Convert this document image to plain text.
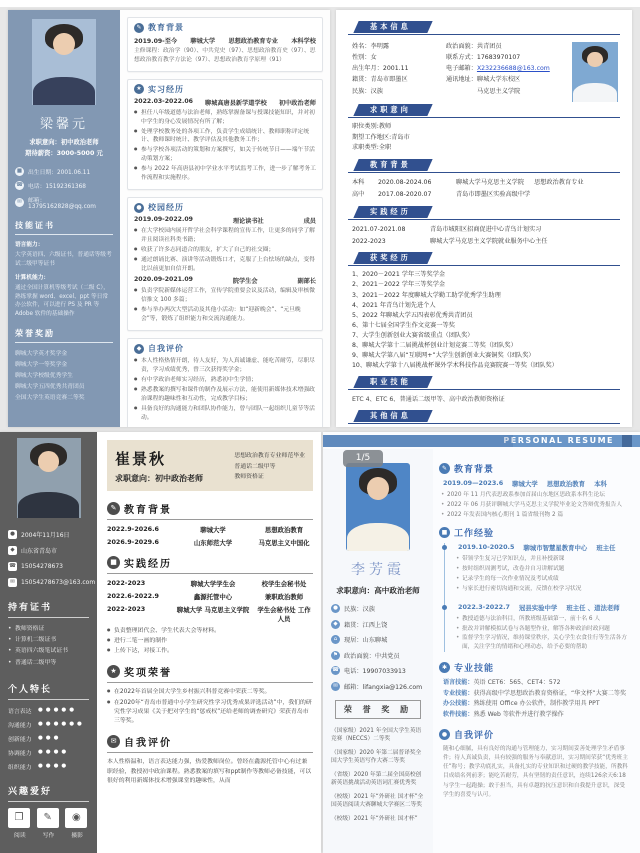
梁馨元
求职意向：初中政治老师
期待薪资：3000-5000 元
■	出生日期：2001.06.11
☎ 电话：15192361368
✉	邮箱：13795162828@qq.com
技能证书
语言能力：
大学英语四、六级证书，普通话等级考试二级甲等证书
计算机能力：
通过全国计算机等级考试（二级 C），熟练掌握 word、excel、ppt 等日常办公软件，可以进行 PS 及 PR 等 Adobe 软件的基础操作
荣誉奖励
聊城大学英才奖学金
聊城大学一等奖学金
聊城大学校级优秀学生
聊城大学五四优秀共青团员
全国大学生英语竞赛二等奖
✎ 教育背景
2019.09-至今 聊城大学 思想政治教育专业 本科学校
主修课程：政治学（90）、中共党史（97）、思想政治教育史（97）、思想政治教育教学方法论（97）、思想政治教育学原理（91）
★ 实习经历
2022.03-2022.06 聊城高唐县新学道学校 初中政治老师
● 担任八年级道德与法治老师，熟练掌握备课与授课技能知识，并对初中学生的身心发展情况有所了解；
● 处理学校教务处的各项工作，负责学生成绩统计、教师职称评定统计、教师课时统计、教学评估及其他教务工作；
● 参与学校各项活动的策划和方案撰写，如关于传统节日——端午节活动策划方案；
● 参与 2022 年高唐县初中学业水平考试监考工作，进一步了解考务工作流程和实施程序。
● 校园经历
2019.09-2022.09	理论读书社	成员
● 在大学校园内展开哲学社会科学课程的宣传工作，让更多的同学了解并且阅读社科类书籍；
● 收获了许多志同道合的朋友，扩大了自己的社交圈；
● 通过朗诵比赛、演讲等活动锻炼口才，克服了上台怯场的缺点，变得比以前更加自信开朗。
2020.09-2021.09	院学生会	副部长
● 负责学院新媒体运营工作，宣传学院重要会议及活动，编辑及审核微信推文 100 多篇；
● 参与举办两次大型活动及其他小活动：如“迎新晚会”、“元旦晚会”等，锻炼了组织能力和交流沟通能力。
◆ 自我评价
● 本人性格热情开朗，待人友好，为人真诚谦虚、能吃苦耐劳，尽职尽责，学习成绩优秀，曾三次获得奖学金；
● 有中学政治老师实习经历，熟悉初中生学情；
● 熟悉教案的撰写和课件的制作及展示方法，能使用新媒体技术增强政治课程的趣味性和互动性，完成教学目标；
● 具备良好的沟通能力和团队协作能力，曾与团队一起组织儿童节等活动。
基本信息
姓名：李明露
性别：女
出生年月：2001.11
籍贯：青岛市即墨区
民族：汉族
政治面貌：共青团员
联系方式：17683970107
电子邮箱：X232236688@163.com
通讯地址：聊城大学东校区
马克思主义学院
求职意向
职位类别:教师
期望工作地区:青岛市
求职类型:全职
教育背景
本科	2020.08-2024.06	聊城大学马克思主义学院 思想政治教育专业
高中	2017.08-2020.07	青岛市即墨区实验高级中学
实践经历
2021.07-2021.08	青岛市城阳区招商促进中心青鸟计划实习
2022-2023	聊城大学马克思主义学院就业服务中心主任
获奖经历
1、2020－2021 学年三等奖学金
2、2021－2022 学年三等奖学金
3、2021－2022 年度聊城大学勤工助学优秀学生助理
4、2021 年青鸟计划先进个人
5、2022 年聊城大学五四表彰优秀共青团员
6、第十七届全国学生作文竞赛一等奖
7、大学生创新创业大赛省级重点（团队奖）
8、聊城大学第十二届挑战杯创业计划竞赛二等奖（团队奖）
9、聊城大学第八届“互联网+”大学生创新创业大赛铜奖（团队奖）
10、聊城大学第十八届挑战杯课外学术科技作品竞赛院赛一等奖（团队奖）
职业技能
ETC 4、ETC 6、普通话二级甲等、高中政治教师资格证
其他信息
●	2004年11月16日
◆	山东省青岛市
☎ 15054278673
✉	15054278673@163.com
持有证书
• 教师资格证
• 计算机二级证书
• 英语四六级笔试证书
• 普通话二级甲等
个人特长
语言表达	●●●●●
沟通能力	●●●●●●
创新能力	●●●
协调能力	●●●●
组织能力	●●●●
兴趣爱好
❐
阅读
✎
写作
◉
摄影
崔景秋
求职意向：初中政治老师
思想政治教育专业师范毕业
普通话二级甲等
教师资格证
✎ 教育背景
2022.9-2026.6	聊城大学	思想政治教育
2026.9-2029.6	山东师范大学	马克思主义中国化
■ 实践经历
2022-2023	聊城大学学生会	校学生会秘书处
2022.6-2022.9	鑫源托管中心	兼职政治教师
2022-2023	聊城大学 马克思主义学院	学生会秘书处 工作人员
● 负责整理团代会、学生代表大会等材料。
● 进行二笔一画的制作
● 上传下达，对接工作。
★ 奖项荣誉
● 在2022年首届全国大学生乡村振兴科普竞赛中荣获二等奖。
● 在2020年“青岛市普通中小学生研究性学习优秀成果评选活动”中，我们的研究性学习成果《关于把对学生的“惩戒权”还给老师的调查研究》荣获青岛市三等奖。
✉ 自我评价
本人性格温和，语言表达能力强，热爱教师岗位。曾经在鑫源托管中心有过兼职经验，教授初中政治课程。熟悉教案的填写和ppt制作等教师必备技能，可以很好的利用新媒体技术增强课堂的趣味性，从而
PERSONAL RESUME
1/5
李芳霞
求职意向：高中政治老师
● 民族：汉族
◆	籍贯：江西上饶
⌂	现居：山东聊城
⚑ 政治面貌：中共党员
☎ 电话：19907033913
✉	邮箱：lifangxia@126.com
荣 誉 奖 励
（国家级）2021 年全国大学生英语竞赛（NECCS）二等奖
（国家级）2020 年第二届普译奖全国大学生英语写作大赛二等奖
（省级）2020 年第二届全国高校创新英语挑战活动英语词汇赛优秀奖
（校级）2021 年“外研社 国才杯”全国英语阅读大赛聊城大学赛区二等奖
（校级）2021 年“外研社 国才杯”
✎ 教育背景
2019.09—2023.6 聊城大学 思想政治教育 本科
• 2020 年 11 月代表思政系参加首届山东地区思政系本科生论坛
• 2022 年 06 月获评聊城大学马克思主义学院毕业论文答辩优秀报告人
• 2022 年发表国内核心期刊 1 篇省级刊物 2 篇
■ 工作经验
2019.10-2020.5 聊城市智慧星教育中心 班主任
• 带领学生复习已学知识点，并且补授新课
• 按时组织周测考试，改卷并自习讲解试题
• 记录学生的每一次作业情况及考试成绩
• 与家长进行密切沟通和交流，反馈在校学习状况
2022.3-2022.7 冠县实验中学 班主任 、道法老师
• 教授道德与法治科目，所教班级基础第一，前十名 6 人
• 批改并讲解模拟试卷与各题型作业，解答各种政治时政问题
• 监督学生学习情况，维持课堂秩序，关心学生衣食住行等生活各方面，关注学生的情绪和心理动态，给予必要的帮助
✱ 专业技能
语言技能：英语 CET6：565、CET4：572
专业技能：获得高级中学思想政治教育资格证，“华文杯”大赛二等奖
办公技能：熟练使用 Office 办公软件，制作教学用具 PPT
软件技能：熟悉 Web 等软件并进行教学操作
● 自我评价
随和心细腻，具有良好的沟通与管理能力，实习期间妥善处理学生矛盾事件；待人真诚负责，具有较强的服务与奉献意识，实习期间荣获“优秀班主任”称号；教学功底扎实，具备扎实的专业知识和过硬的教学技能，所教科目成绩名列前茅；能吃苦耐劳，具有坚韧的责任意识，连续126余天6:18与学生一起跑操；敢于担当，具有卓越的抗压意识和自我提升意识，深受学生的喜爱与认可。
